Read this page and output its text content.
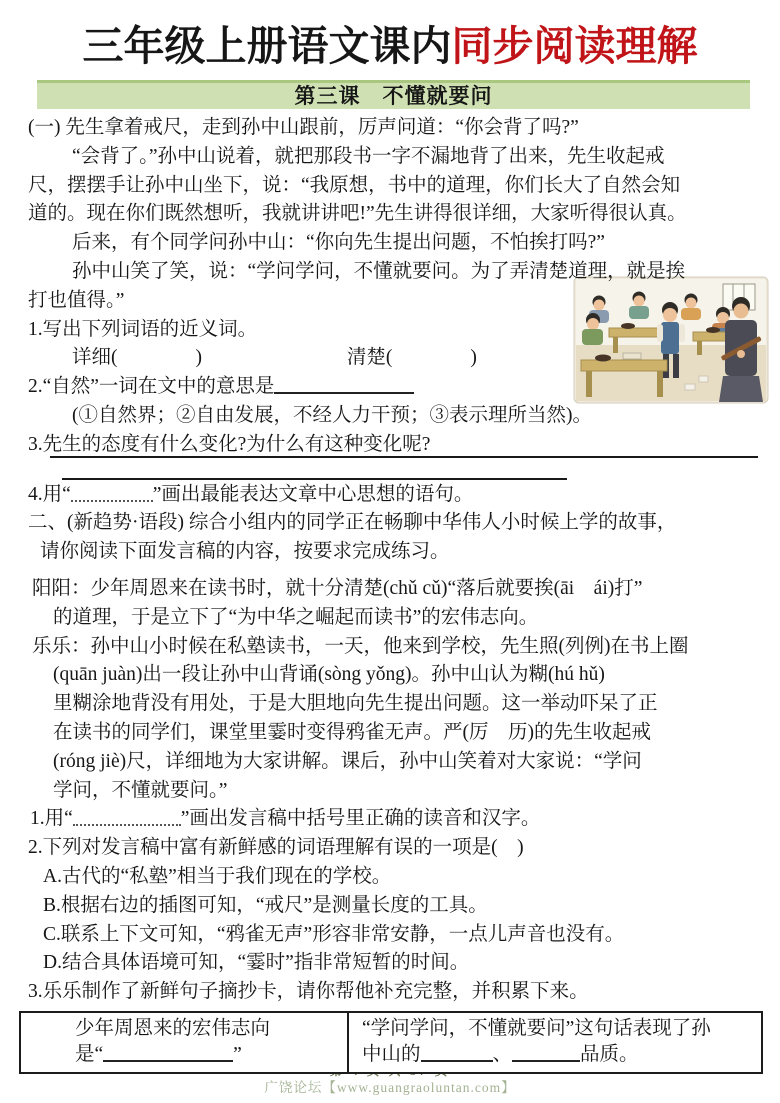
三年级上册语文课内同步阅读理解
第三课　不懂就要问
(一) 先生拿着戒尺，走到孙中山跟前，厉声问道：“你会背了吗?”
“会背了。”孙中山说着，就把那段书一字不漏地背了出来，先生收起戒
尺，摆摆手让孙中山坐下，说：“我原想，书中的道理，你们长大了自然会知
道的。现在你们既然想听，我就讲讲吧!”先生讲得很详细，大家听得很认真。
后来，有个同学问孙中山：“你向先生提出问题，不怕挨打吗?”
孙中山笑了笑，说：“学问学问，不懂就要问。为了弄清楚道理，就是挨
打也值得。”
1.写出下列词语的近义词。
详细(　　　　)	清楚(　　　　)
2.“自然”一词在文中的意思是
(①自然界；②自由发展，不经人力干预；③表示理所当然)。
3.先生的态度有什么变化?为什么有这种变化呢?
4.用“	”画出最能表达文章中心思想的语句。
二、(新趋势·语段) 综合小组内的同学正在畅聊中华伟人小时候上学的故事，
请你阅读下面发言稿的内容，按要求完成练习。
阳阳：少年周恩来在读书时，就十分清楚(chǔ cǔ)“落后就要挨(āi　ái)打”
的道理，于是立下了“为中华之崛起而读书”的宏伟志向。
乐乐：孙中山小时候在私塾读书，一天，他来到学校，先生照(列例)在书上圈
(quān juàn)出一段让孙中山背诵(sòng yǒng)。孙中山认为糊(hú hǔ)
里糊涂地背没有用处，于是大胆地向先生提出问题。这一举动吓呆了正
在读书的同学们，课堂里霎时变得鸦雀无声。严(厉　历)的先生收起戒
(róng jiè)尺，详细地为大家讲解。课后，孙中山笑着对大家说：“学问
学问，不懂就要问。”
1.用“	”画出发言稿中括号里正确的读音和汉字。
2.下列对发言稿中富有新鲜感的词语理解有误的一项是(　)
A.古代的“私塾”相当于我们现在的学校。
B.根据右边的插图可知，“戒尺”是测量长度的工具。
C.联系上下文可知，“鸦雀无声”形容非常安静，一点儿声音也没有。
D.结合具体语境可知，“霎时”指非常短暂的时间。
3.乐乐制作了新鲜句子摘抄卡，请你帮他补充完整，并积累下来。
少年周恩来的宏伟志向
是“	”
“学问学问，不懂就要问”这句话表现了孙
中山的	、	品质。
广饶论坛【www.guangraoluntan.com】
